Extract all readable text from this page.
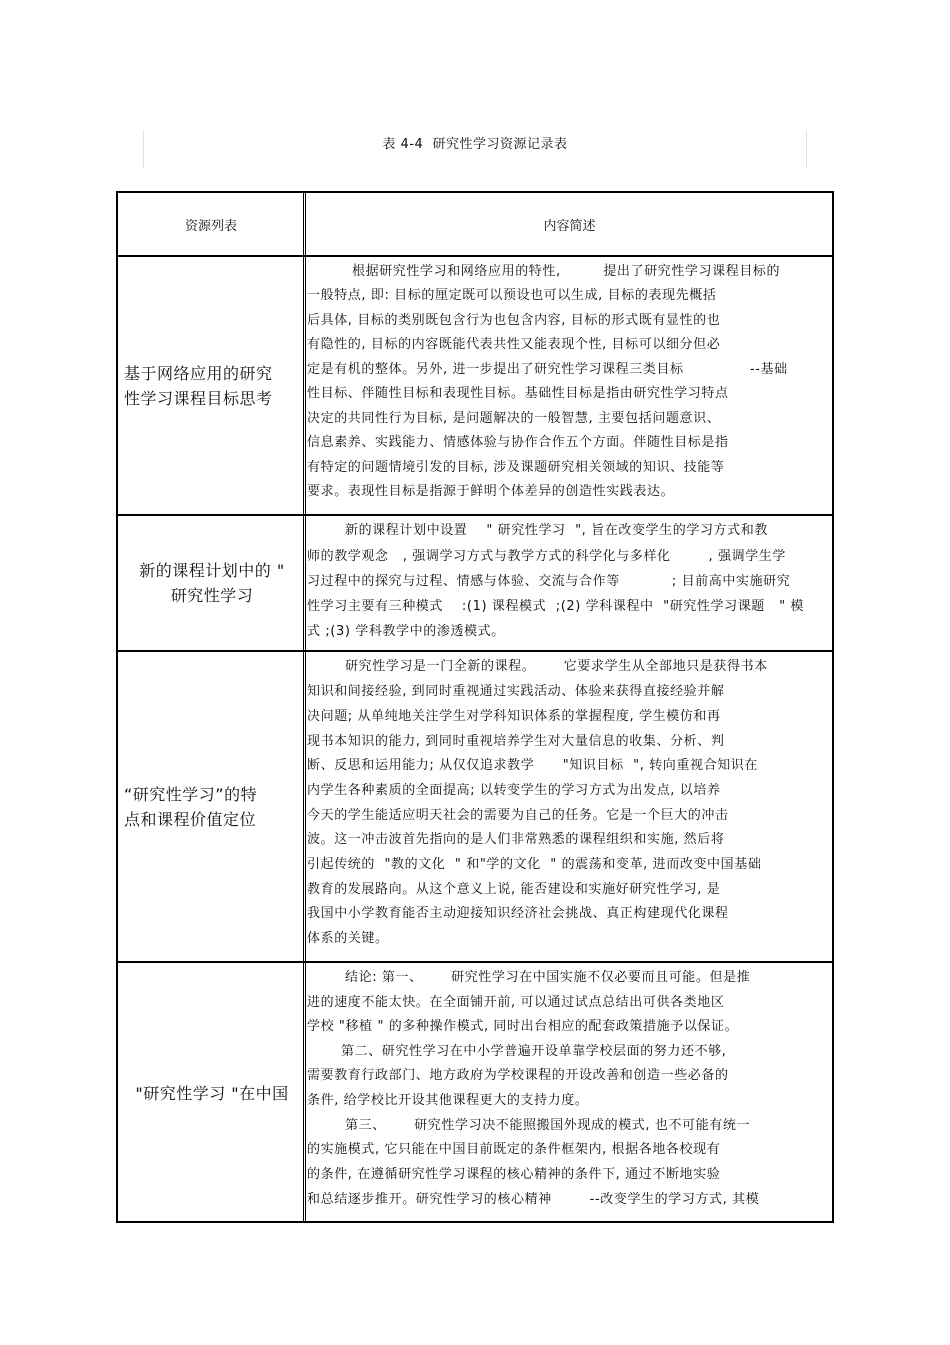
表 4-4  研究性学习资源记录表
资源列表	内容简述
基于网络应用的研究
性学习课程目标思考
根据研究性学习和网络应用的特性,         提出了研究性学习课程目标的
一般特点, 即: 目标的厘定既可以预设也可以生成, 目标的表现先概括
后具体, 目标的类别既包含行为也包含内容, 目标的形式既有显性的也
有隐性的, 目标的内容既能代表共性又能表现个性, 目标可以细分但必
定是有机的整体。另外, 进一步提出了研究性学习课程三类目标              --基础
性目标、伴随性目标和表现性目标。基础性目标是指由研究性学习特点
决定的共同性行为目标, 是问题解决的一般智慧, 主要包括问题意识、
信息素养、实践能力、情感体验与协作合作五个方面。伴随性目标是指
有特定的问题情境引发的目标, 涉及课题研究相关领域的知识、技能等
要求。表现性目标是指源于鲜明个体差异的创造性实践表达。
新的课程计划中的 "
研究性学习
新的课程计划中设置    " 研究性学习  ", 旨在改变学生的学习方式和教
师的教学观念   , 强调学习方式与教学方式的科学化与多样化        , 强调学生学
习过程中的探究与过程、情感与体验、交流与合作等           ; 目前高中实施研究
性学习主要有三种模式    :(1) 课程模式  ;(2) 学科课程中  "研究性学习课题   " 模
式 ;(3) 学科教学中的渗透模式。
“研究性学习”的特
点和课程价值定位
研究性学习是一门全新的课程。      它要求学生从全部地只是获得书本
知识和间接经验, 到同时重视通过实践活动、体验来获得直接经验并解
决问题; 从单纯地关注学生对学科知识体系的掌握程度, 学生模仿和再
现书本知识的能力, 到同时重视培养学生对大量信息的收集、分析、判
断、反思和运用能力; 从仅仅追求教学      "知识目标  ", 转向重视合知识在
内学生各种素质的全面提高; 以转变学生的学习方式为出发点, 以培养
今天的学生能适应明天社会的需要为自己的任务。它是一个巨大的冲击
波。这一冲击波首先指向的是人们非常熟悉的课程组织和实施, 然后将
引起传统的  "教的文化  " 和"学的文化  " 的震荡和变革, 进而改变中国基础
教育的发展路向。从这个意义上说, 能否建设和实施好研究性学习, 是
我国中小学教育能否主动迎接知识经济社会挑战、真正构建现代化课程
体系的关键。
"研究性学习 "在中国
结论: 第一、      研究性学习在中国实施不仅必要而且可能。但是推
进的速度不能太快。在全面铺开前, 可以通过试点总结出可供各类地区
学校 "移植 " 的多种操作模式, 同时出台相应的配套政策措施予以保证。
第二、研究性学习在中小学普遍开设单靠学校层面的努力还不够,
需要教育行政部门、地方政府为学校课程的开设改善和创造一些必备的
条件, 给学校比开设其他课程更大的支持力度。
第三、      研究性学习决不能照搬国外现成的模式, 也不可能有统一
的实施模式, 它只能在中国目前既定的条件框架内, 根据各地各校现有
的条件, 在遵循研究性学习课程的核心精神的条件下, 通过不断地实验
和总结逐步推开。研究性学习的核心精神        --改变学生的学习方式, 其模
